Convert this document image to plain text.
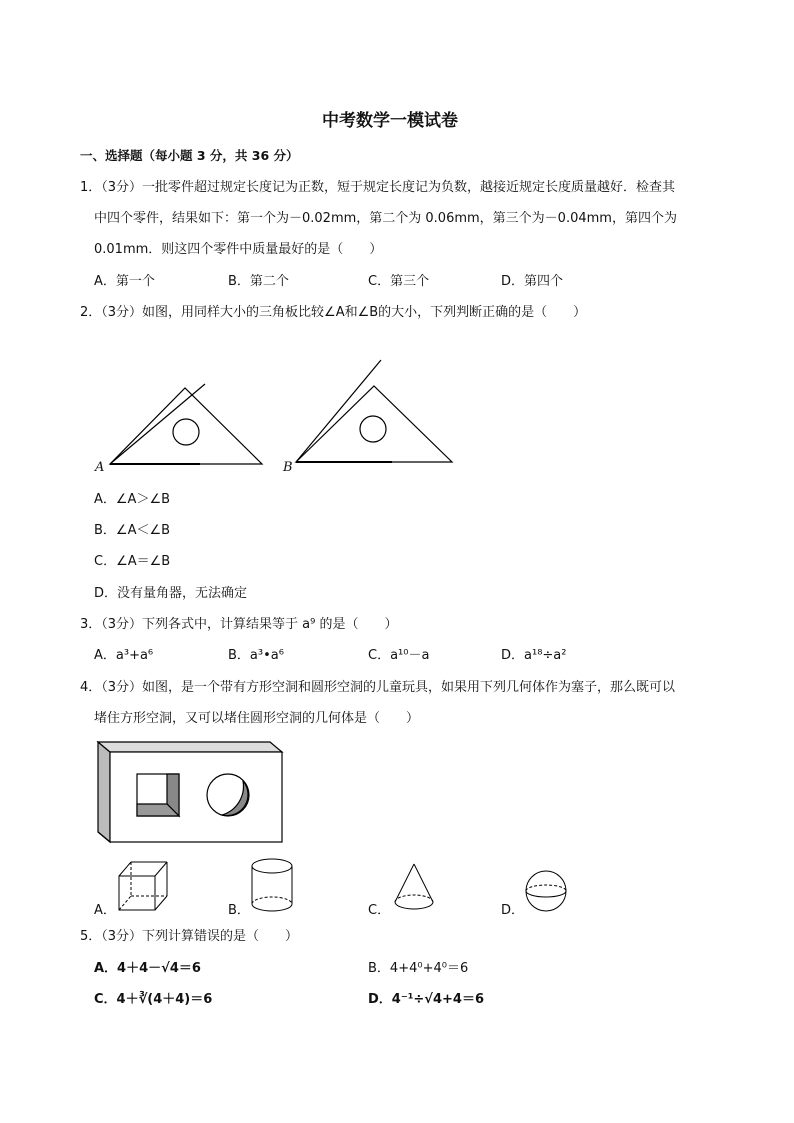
中考数学一模试卷
一、选择题（每小题 3 分，共 36 分）
1．（3分）一批零件超过规定长度记为正数，短于规定长度记为负数，越接近规定长度质量越好．检查其
中四个零件，结果如下：第一个为－0.02mm，第二个为 0.06mm，第三个为－0.04mm，第四个为
0.01mm．则这四个零件中质量最好的是（　　）
A．第一个	B．第二个	C．第三个	D．第四个
2．（3分）如图，用同样大小的三角板比较∠A和∠B的大小，下列判断正确的是（　　）
A	B
A．∠A＞∠B
B．∠A＜∠B
C．∠A＝∠B
D．没有量角器，无法确定
3．（3分）下列各式中，计算结果等于 a⁹ 的是（　　）
A．a³+a⁶	B．a³•a⁶	C．a¹⁰－a	D．a¹⁸÷a²
4．（3分）如图，是一个带有方形空洞和圆形空洞的儿童玩具，如果用下列几何体作为塞子，那么既可以
堵住方形空洞，又可以堵住圆形空洞的几何体是（　　）
A．	B．	C．	D．
5．（3分）下列计算错误的是（　　）
A．4＋4－√4＝6	B．4+4⁰+4⁰＝6
C．4＋∛(4＋4)＝6	D．4⁻¹÷√4+4＝6
